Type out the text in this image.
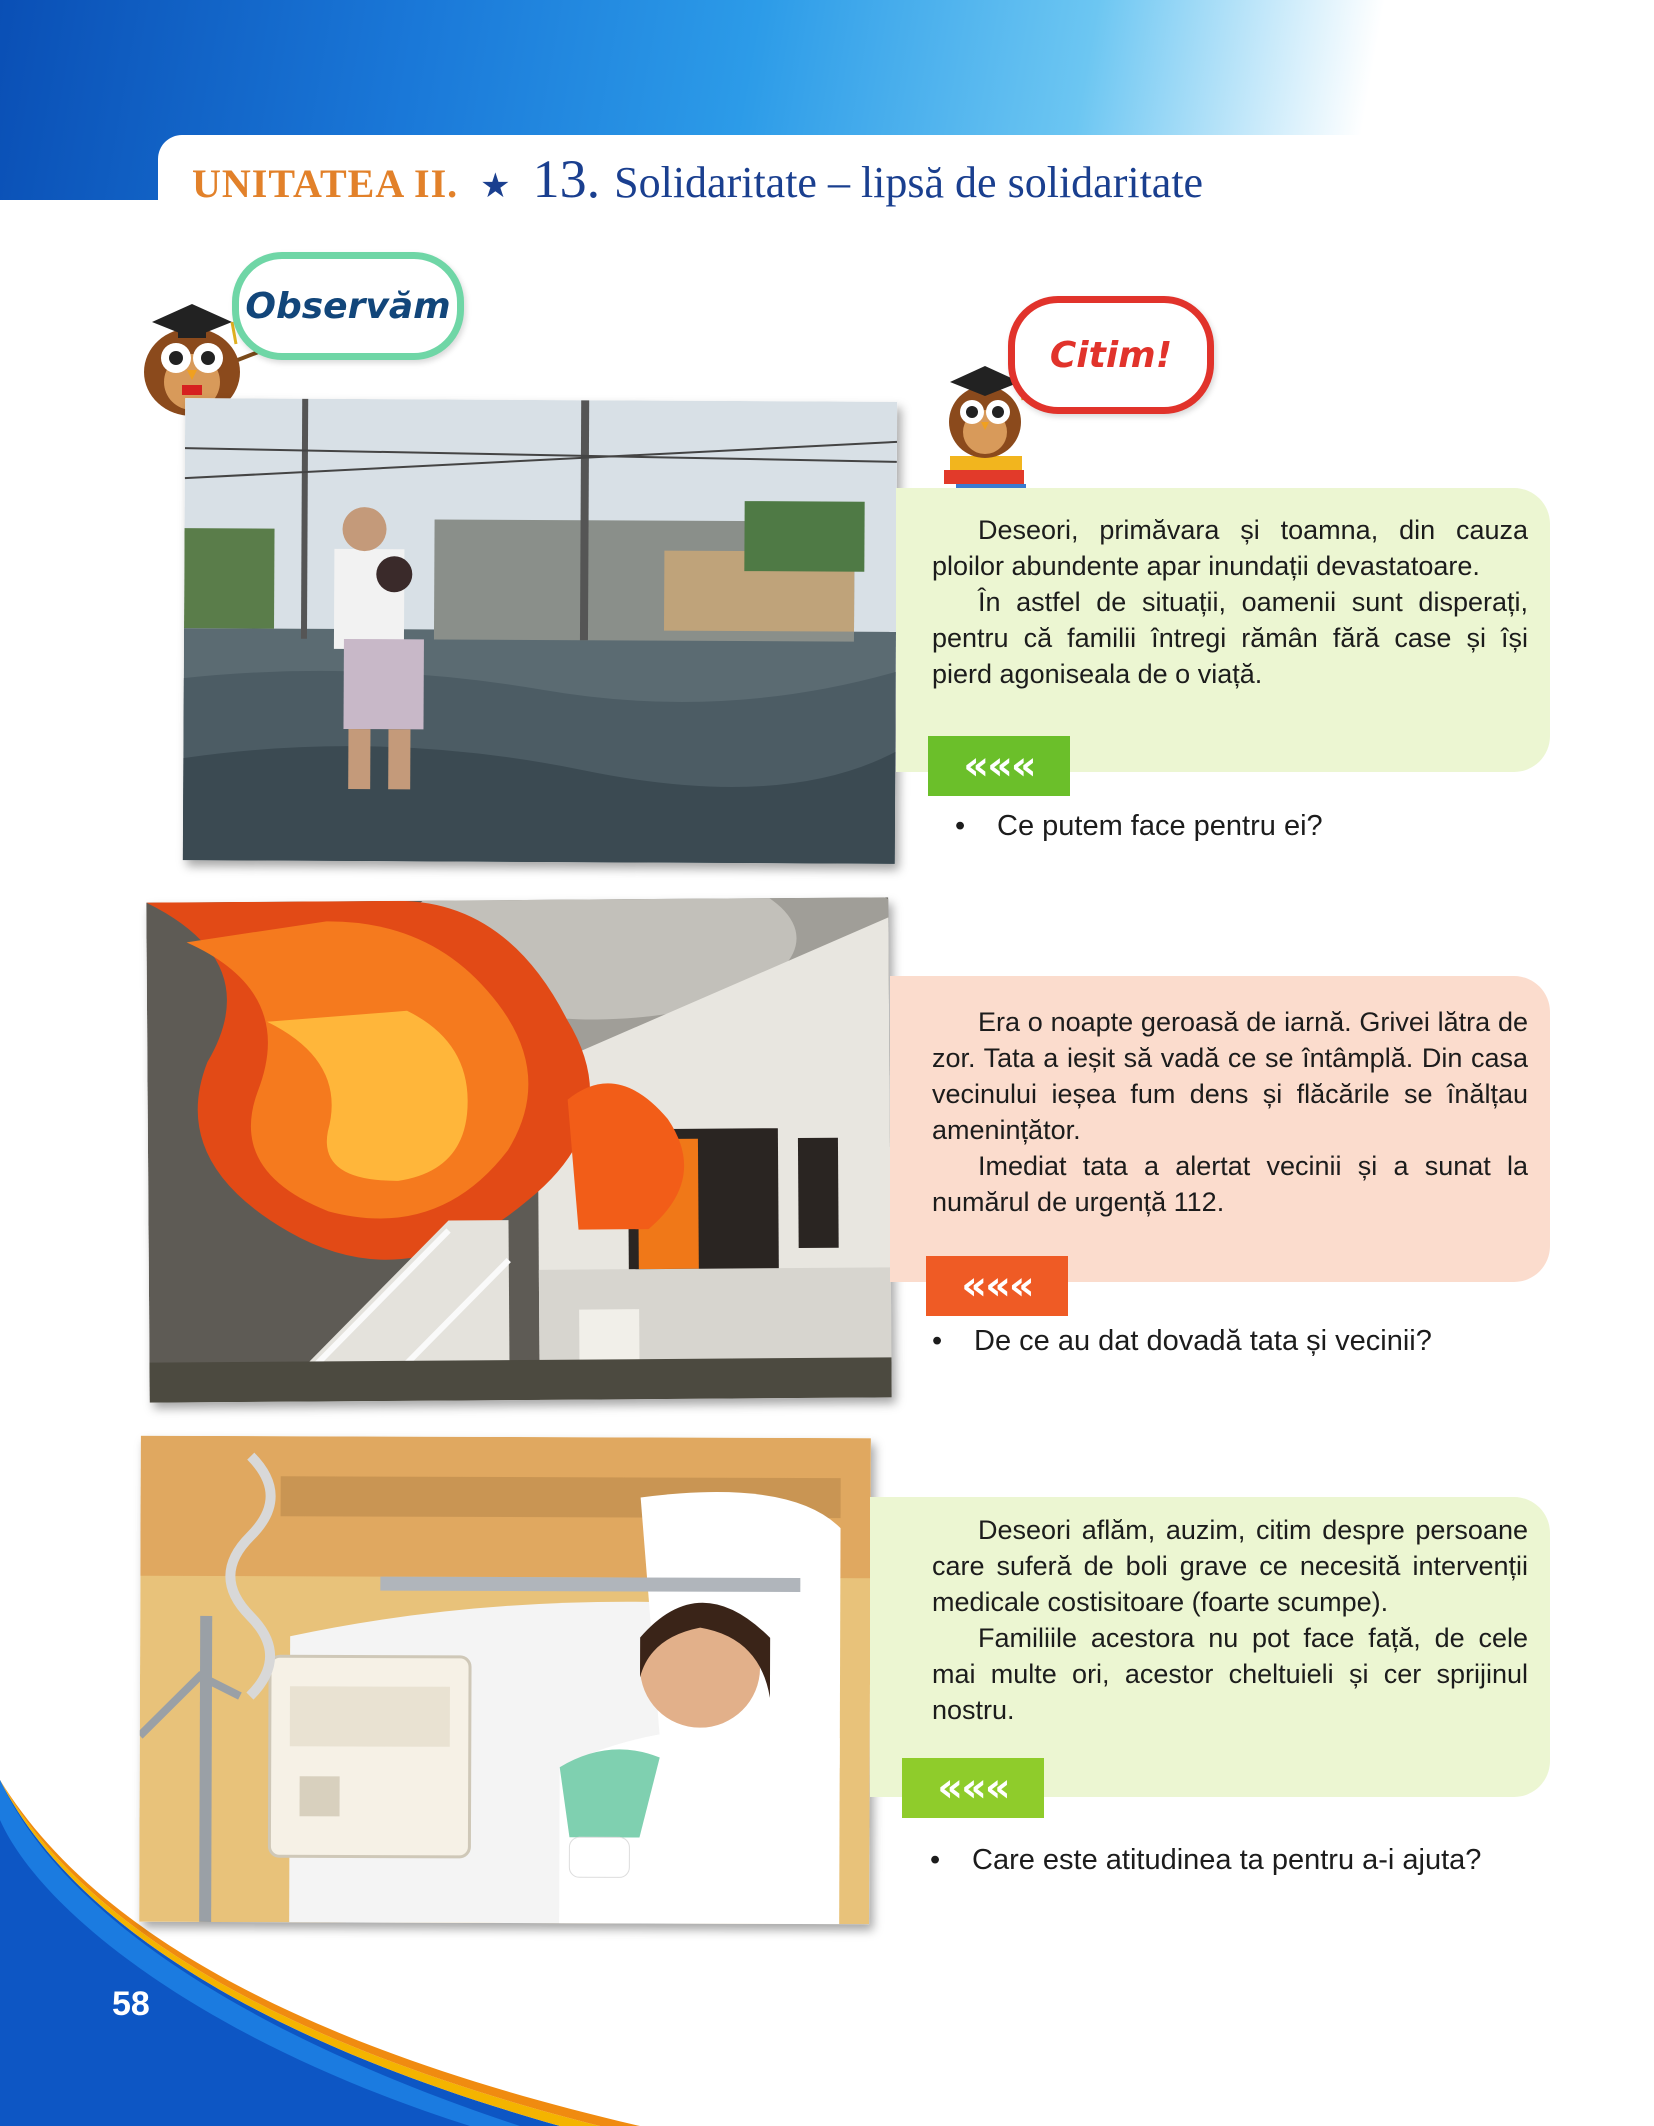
UNITATEA II. ★ 13. Solidaritate – lipsă de solidaritate
Observăm
Citim!

Deseori, primăvara și toamna, din cauza ploilor abundente apar inundații devastatoare.

În astfel de situații, oamenii sunt disperați, pentru că familii întregi rămân fără case și își pierd agoniseala de o viață.

«««
• Ce putem face pentru ei?

Era o noapte geroasă de iarnă. Grivei lătra de zor. Tata a ieșit să vadă ce se întâmplă. Din casa vecinului ieșea fum dens și flăcările se înălțau amenințător.

Imediat tata a alertat vecinii și a sunat la numărul de urgență 112.

«««
• De ce au dat dovadă tata și vecinii?

Deseori aflăm, auzim, citim despre persoane care suferă de boli grave ce necesită intervenții medicale costisitoare (foarte scumpe).

Familiile acestora nu pot face față, de cele mai multe ori, acestor cheltuieli și cer sprijinul nostru.

«««
• Care este atitudinea ta pentru a-i ajuta?
58
